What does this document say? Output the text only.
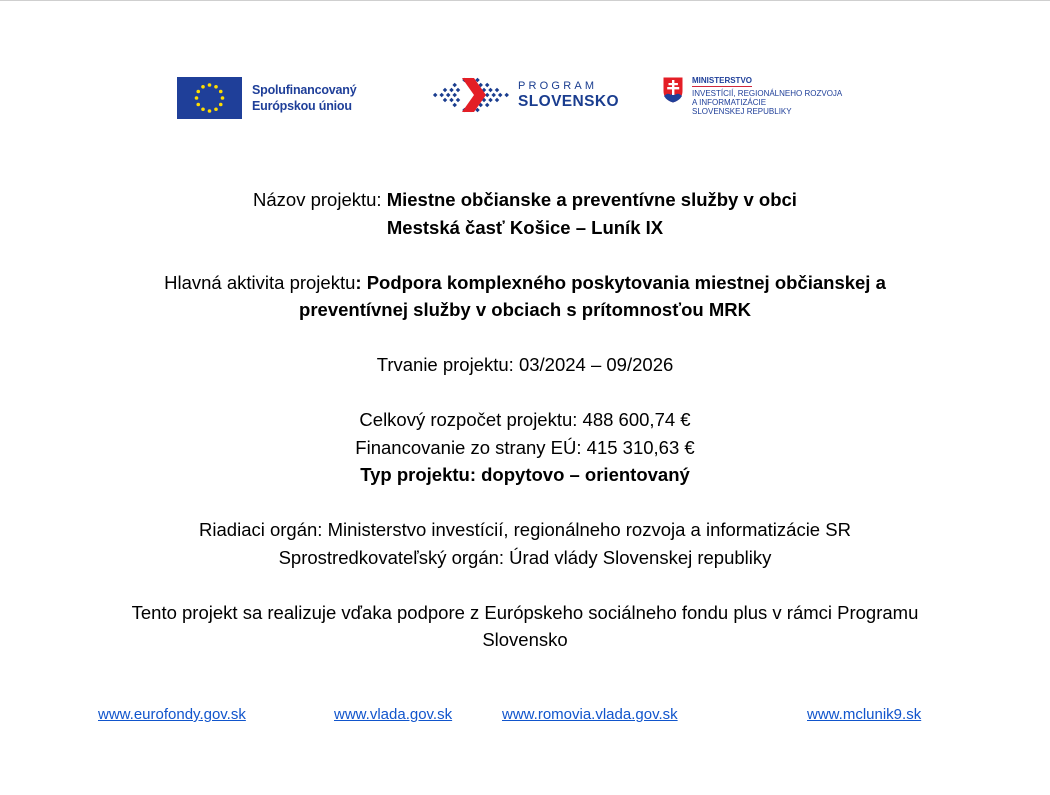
Spolufinancovaný
Európskou úniou
PROGRAM
SLOVENSKO
MINISTERSTVO
INVESTÍCIÍ, REGIONÁLNEHO ROZVOJA
A INFORMATIZÁCIE
SLOVENSKEJ REPUBLIKY

Názov projektu: Miestne občianske a preventívne služby v obci

Mestská časť Košice – Luník IX

Hlavná aktivita projektu: Podpora komplexného poskytovania miestnej občianskej a

preventívnej služby v obciach s prítomnosťou MRK

Trvanie projektu: 03/2024 – 09/2026

Celkový rozpočet projektu: 488 600,74 €

Financovanie zo strany EÚ: 415 310,63 €

Typ projektu: dopytovo – orientovaný

Riadiaci orgán: Ministerstvo investícií, regionálneho rozvoja a informatizácie SR

Sprostredkovateľský orgán: Úrad vlády Slovenskej republiky

Tento projekt sa realizuje vďaka podpore z Európskeho sociálneho fondu plus v rámci Programu

Slovensko

www.eurofondy.gov.sk	www.vlada.gov.sk	www.romovia.vlada.gov.sk	www.mclunik9.sk
